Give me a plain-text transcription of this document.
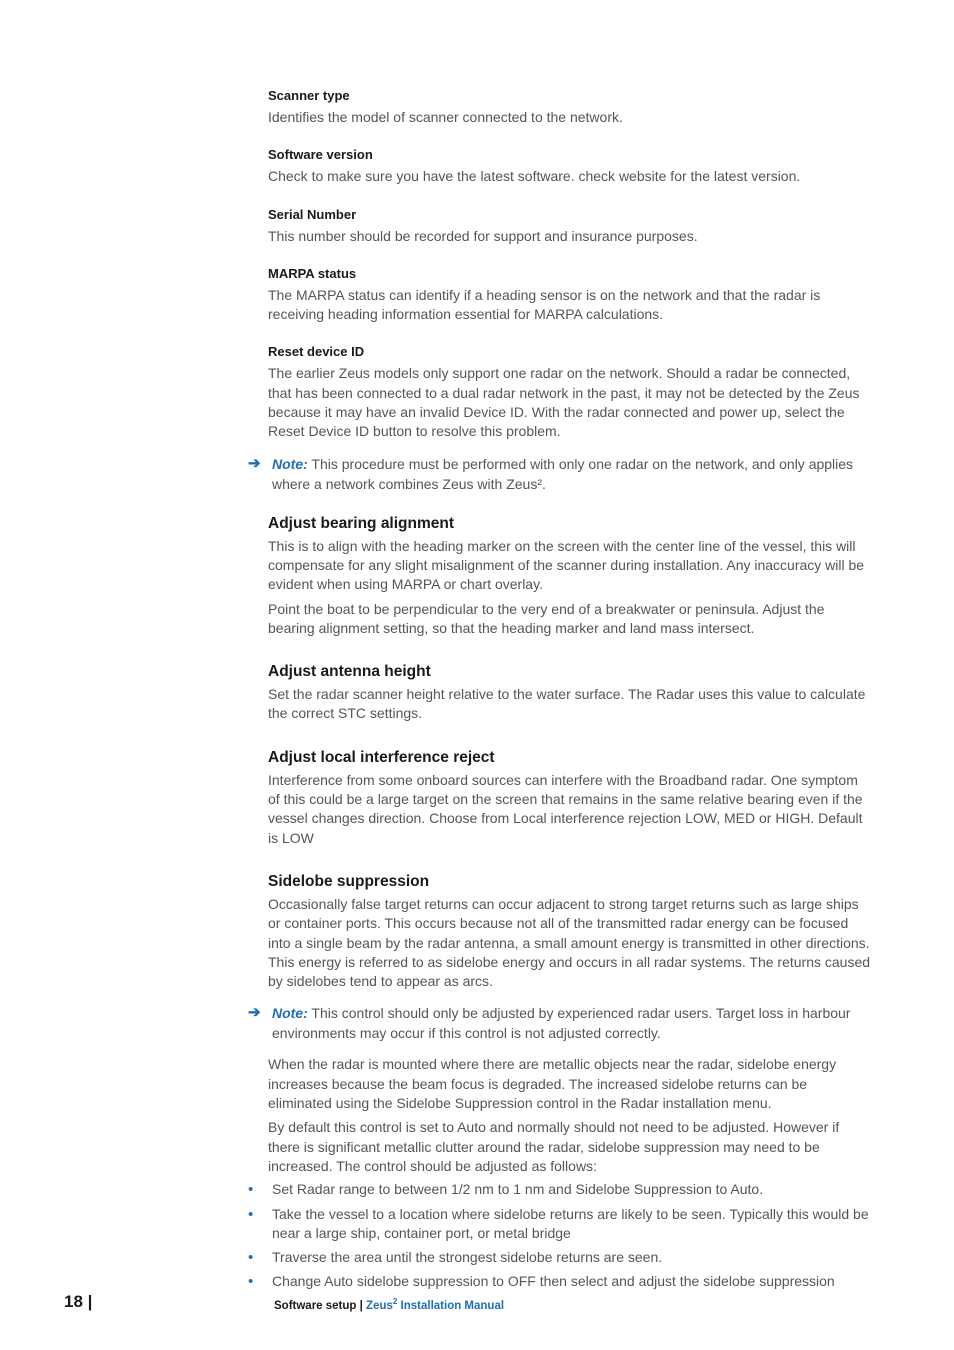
Scanner type

Identifies the model of scanner connected to the network.

Software version

Check to make sure you have the latest software. check website for the latest version.

Serial Number

This number should be recorded for support and insurance purposes.

MARPA status

The MARPA status can identify if a heading sensor is on the network and that the radar is receiving heading information essential for MARPA calculations.

Reset device ID

The earlier Zeus models only support one radar on the network. Should a radar be connected, that has been connected to a dual radar network in the past, it may not be detected by the Zeus because it may have an invalid Device ID. With the radar connected and power up, select the Reset Device ID button to resolve this problem.

➔ Note: This procedure must be performed with only one radar on the network, and only applies where a network combines Zeus with Zeus².

Adjust bearing alignment

This is to align with the heading marker on the screen with the center line of the vessel, this will compensate for any slight misalignment of the scanner during installation. Any inaccuracy will be evident when using MARPA or chart overlay.

Point the boat to be perpendicular to the very end of a breakwater or peninsula. Adjust the bearing alignment setting, so that the heading marker and land mass intersect.

Adjust antenna height

Set the radar scanner height relative to the water surface. The Radar uses this value to calculate the correct STC settings.

Adjust local interference reject

Interference from some onboard sources can interfere with the Broadband radar. One symptom of this could be a large target on the screen that remains in the same relative bearing even if the vessel changes direction. Choose from Local interference rejection LOW, MED or HIGH. Default is LOW

Sidelobe suppression

Occasionally false target returns can occur adjacent to strong target returns such as large ships or container ports. This occurs because not all of the transmitted radar energy can be focused into a single beam by the radar antenna, a small amount energy is transmitted in other directions. This energy is referred to as sidelobe energy and occurs in all radar systems. The returns caused by sidelobes tend to appear as arcs.

➔ Note: This control should only be adjusted by experienced radar users. Target loss in harbour environments may occur if this control is not adjusted correctly.

When the radar is mounted where there are metallic objects near the radar, sidelobe energy increases because the beam focus is degraded. The increased sidelobe returns can be eliminated using the Sidelobe Suppression control in the Radar installation menu.

By default this control is set to Auto and normally should not need to be adjusted. However if there is significant metallic clutter around the radar, sidelobe suppression may need to be increased. The control should be adjusted as follows:

• Set Radar range to between 1/2 nm to 1 nm and Sidelobe Suppression to Auto.
• Take the vessel to a location where sidelobe returns are likely to be seen. Typically this would be near a large ship, container port, or metal bridge
• Traverse the area until the strongest sidelobe returns are seen.
• Change Auto sidelobe suppression to OFF then select and adjust the sidelobe suppression
18 |	Software setup | Zeus$^2$ Installation Manual
